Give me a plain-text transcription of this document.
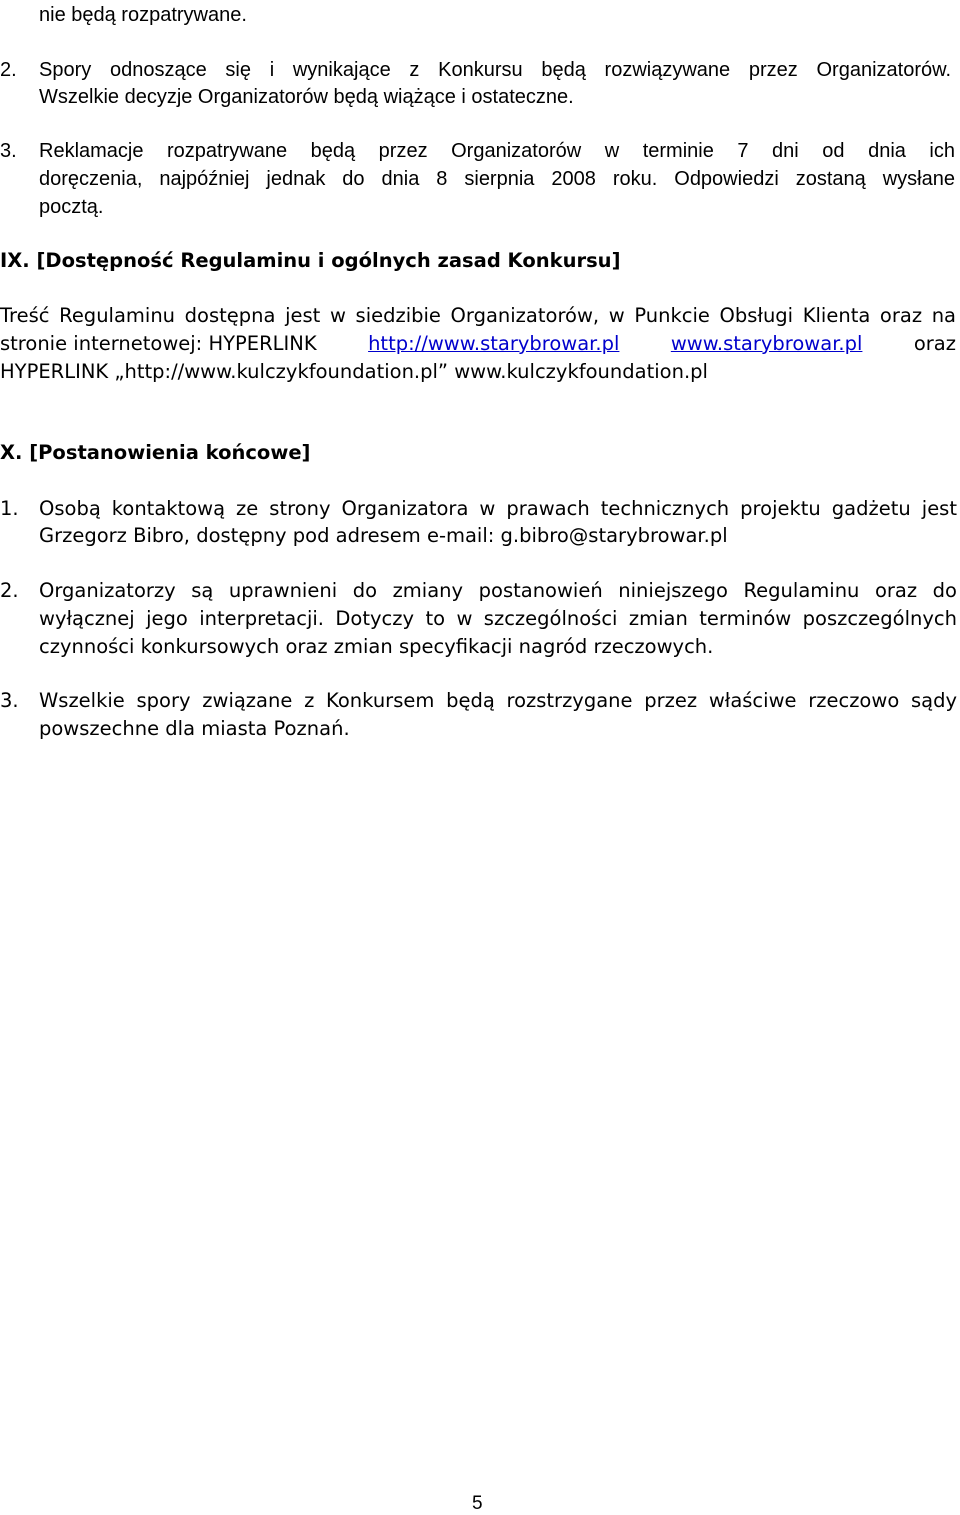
nie będą rozpatrywane.
2. Spory odnoszące się i wynikające z Konkursu będą rozwiązywane przez Organizatorów.
Wszelkie decyzje Organizatorów będą wiążące i ostateczne.
3. Reklamacje rozpatrywane będą przez Organizatorów w terminie 7 dni od dnia ich
doręczenia, najpóźniej jednak do dnia 8 sierpnia 2008 roku. Odpowiedzi zostaną wysłane
pocztą.
IX. [Dostępność Regulaminu i ogólnych zasad Konkursu]
Treść Regulaminu dostępna jest w siedzibie Organizatorów, w Punkcie Obsługi Klienta oraz na
stronie internetowej: HYPERLINK	http://www.starybrowar.pl	www.starybrowar.pl	oraz
HYPERLINK „http://www.kulczykfoundation.pl” www.kulczykfoundation.pl
X. [Postanowienia końcowe]
1. Osobą kontaktową ze strony Organizatora w prawach technicznych projektu gadżetu jest
Grzegorz Bibro, dostępny pod adresem e-mail: g.bibro@starybrowar.pl
2. Organizatorzy są uprawnieni do zmiany postanowień niniejszego Regulaminu oraz do
wyłącznej jego interpretacji. Dotyczy to w szczególności zmian terminów poszczególnych
czynności konkursowych oraz zmian specyfikacji nagród rzeczowych.
3. Wszelkie spory związane z Konkursem będą rozstrzygane przez właściwe rzeczowo sądy
powszechne dla miasta Poznań.
5
